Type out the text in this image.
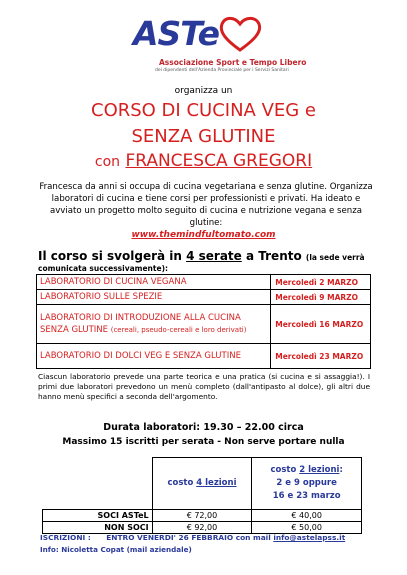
ASTe
Associazione Sport e Tempo Libero
dei dipendenti dell'Azienda Provinciale per i Servizi Sanitari
organizza un
CORSO DI CUCINA VEG e
SENZA GLUTINE
con FRANCESCA GREGORI
Francesca da anni si occupa di cucina vegetariana e senza glutine. Organizza laboratori di cucina e tiene corsi per professionisti e privati. Ha ideato e avviato un progetto molto seguito di cucina e nutrizione vegana e senza glutine:
www.themindfultomato.com
Il corso si svolgerà in 4 serate a Trento (la sede verrà
comunicata successivamente):
LABORATORIO DI CUCINA VEGANA	Mercoledì 2 MARZO
LABORATORIO SULLE SPEZIE	Mercoledì 9 MARZO
LABORATORIO DI INTRODUZIONE ALLA CUCINA SENZA GLUTINE (cereali, pseudo-cereali e loro derivati)	Mercoledì 16 MARZO
LABORATORIO DI DOLCI VEG E SENZA GLUTINE	Mercoledì 23 MARZO
Ciascun laboratorio prevede una parte teorica e una pratica (si cucina e si assaggia!). I primi due laboratori prevedono un menù completo (dall'antipasto al dolce), gli altri due hanno menù specifici a seconda dell'argomento.
Durata laboratori: 19.30 – 22.00 circa
Massimo 15 iscritti per serata - Non serve portare nulla
	costo 4 lezioni	costo 2 lezioni:
2 e 9 oppure
16 e 23 marzo
SOCI ASTeL	€ 72,00	€ 40,00
NON SOCI	€ 92,00	€ 50,00
ISCRIZIONI :      ENTRO VENERDI' 26 FEBBRAIO con mail info@astelapss.it
Info: Nicoletta Copat (mail aziendale)
